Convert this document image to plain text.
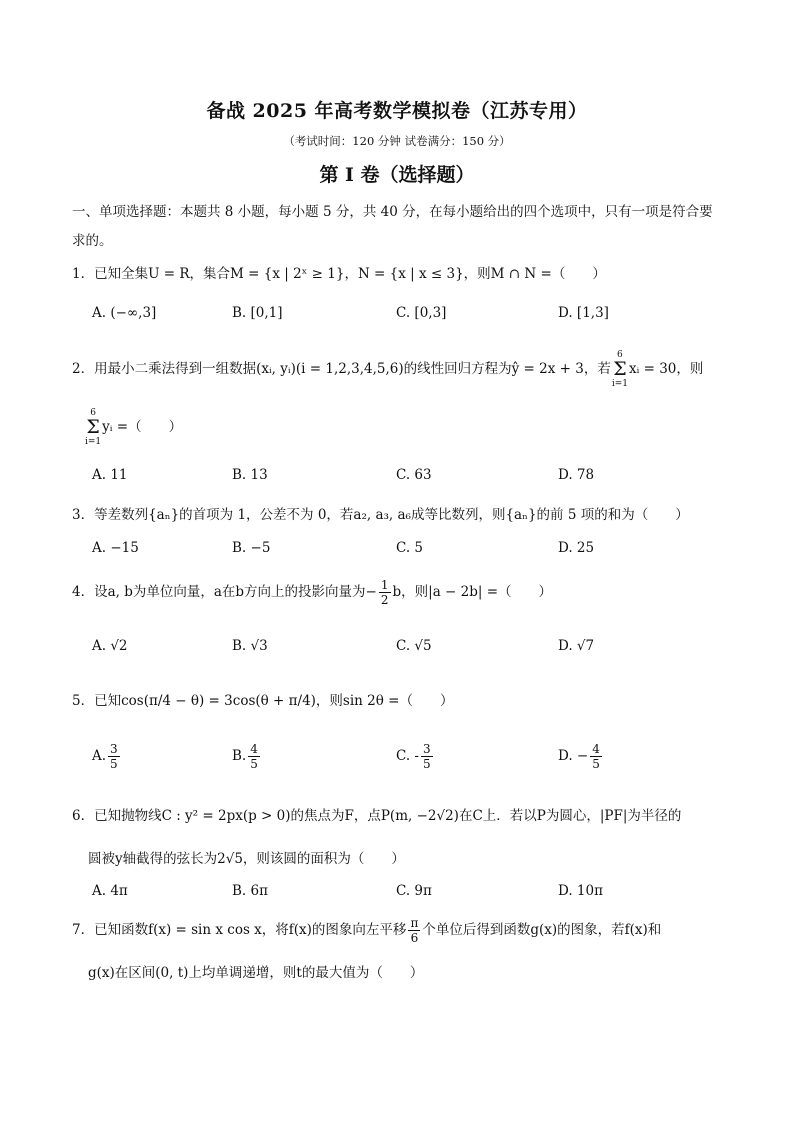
备战 2025 年高考数学模拟卷（江苏专用）
（考试时间：120 分钟 试卷满分：150 分）
第 I 卷（选择题）
一、单项选择题：本题共 8 小题，每小题 5 分，共 40 分，在每小题给出的四个选项中，只有一项是符合要求的。
1．已知全集U = R，集合M = {x | 2ˣ ≥ 1}，N = {x | x ≤ 3}，则M ∩ N =（　　）
A. (−∞,3]	B. [0,1]	C. [0,3]	D. [1,3]
2．用最小二乘法得到一组数据(xᵢ, yᵢ)(i = 1,2,3,4,5,6)的线性回归方程为ŷ = 2x + 3，若6
Σ
i=1xᵢ = 30，则
6
Σ
i=1yᵢ =（　　）
A. 11	B. 13	C. 63	D. 78
3．等差数列{aₙ}的首项为 1，公差不为 0，若a₂, a₃, a₆成等比数列，则{aₙ}的前 5 项的和为（　　）
A. −15	B. −5	C. 5	D. 25
4．设a, b为单位向量，a在b方向上的投影向量为− $\frac{1}{2}$ b，则|a − 2b| =（　　）
A. √2	B. √3	C. √5	D. √7
5．已知cos(π/4 − θ) = 3cos(θ + π/4)，则sin 2θ =（　　）
A. $\frac{3}{5}$	B. $\frac{4}{5}$	C. - $\frac{3}{5}$	D. − $\frac{4}{5}$
6．已知抛物线C : y² = 2px(p > 0)的焦点为F，点P(m, −2√2)在C上．若以P为圆心，|PF|为半径的
圆被y轴截得的弦长为2√5，则该圆的面积为（　　）
A. 4π	B. 6π	C. 9π	D. 10π
7．已知函数f(x) = sin x cos x，将f(x)的图象向左平移 $\frac{\pi}{6}$ 个单位后得到函数g(x)的图象，若f(x)和
g(x)在区间(0, t)上均单调递增，则t的最大值为（　　）
